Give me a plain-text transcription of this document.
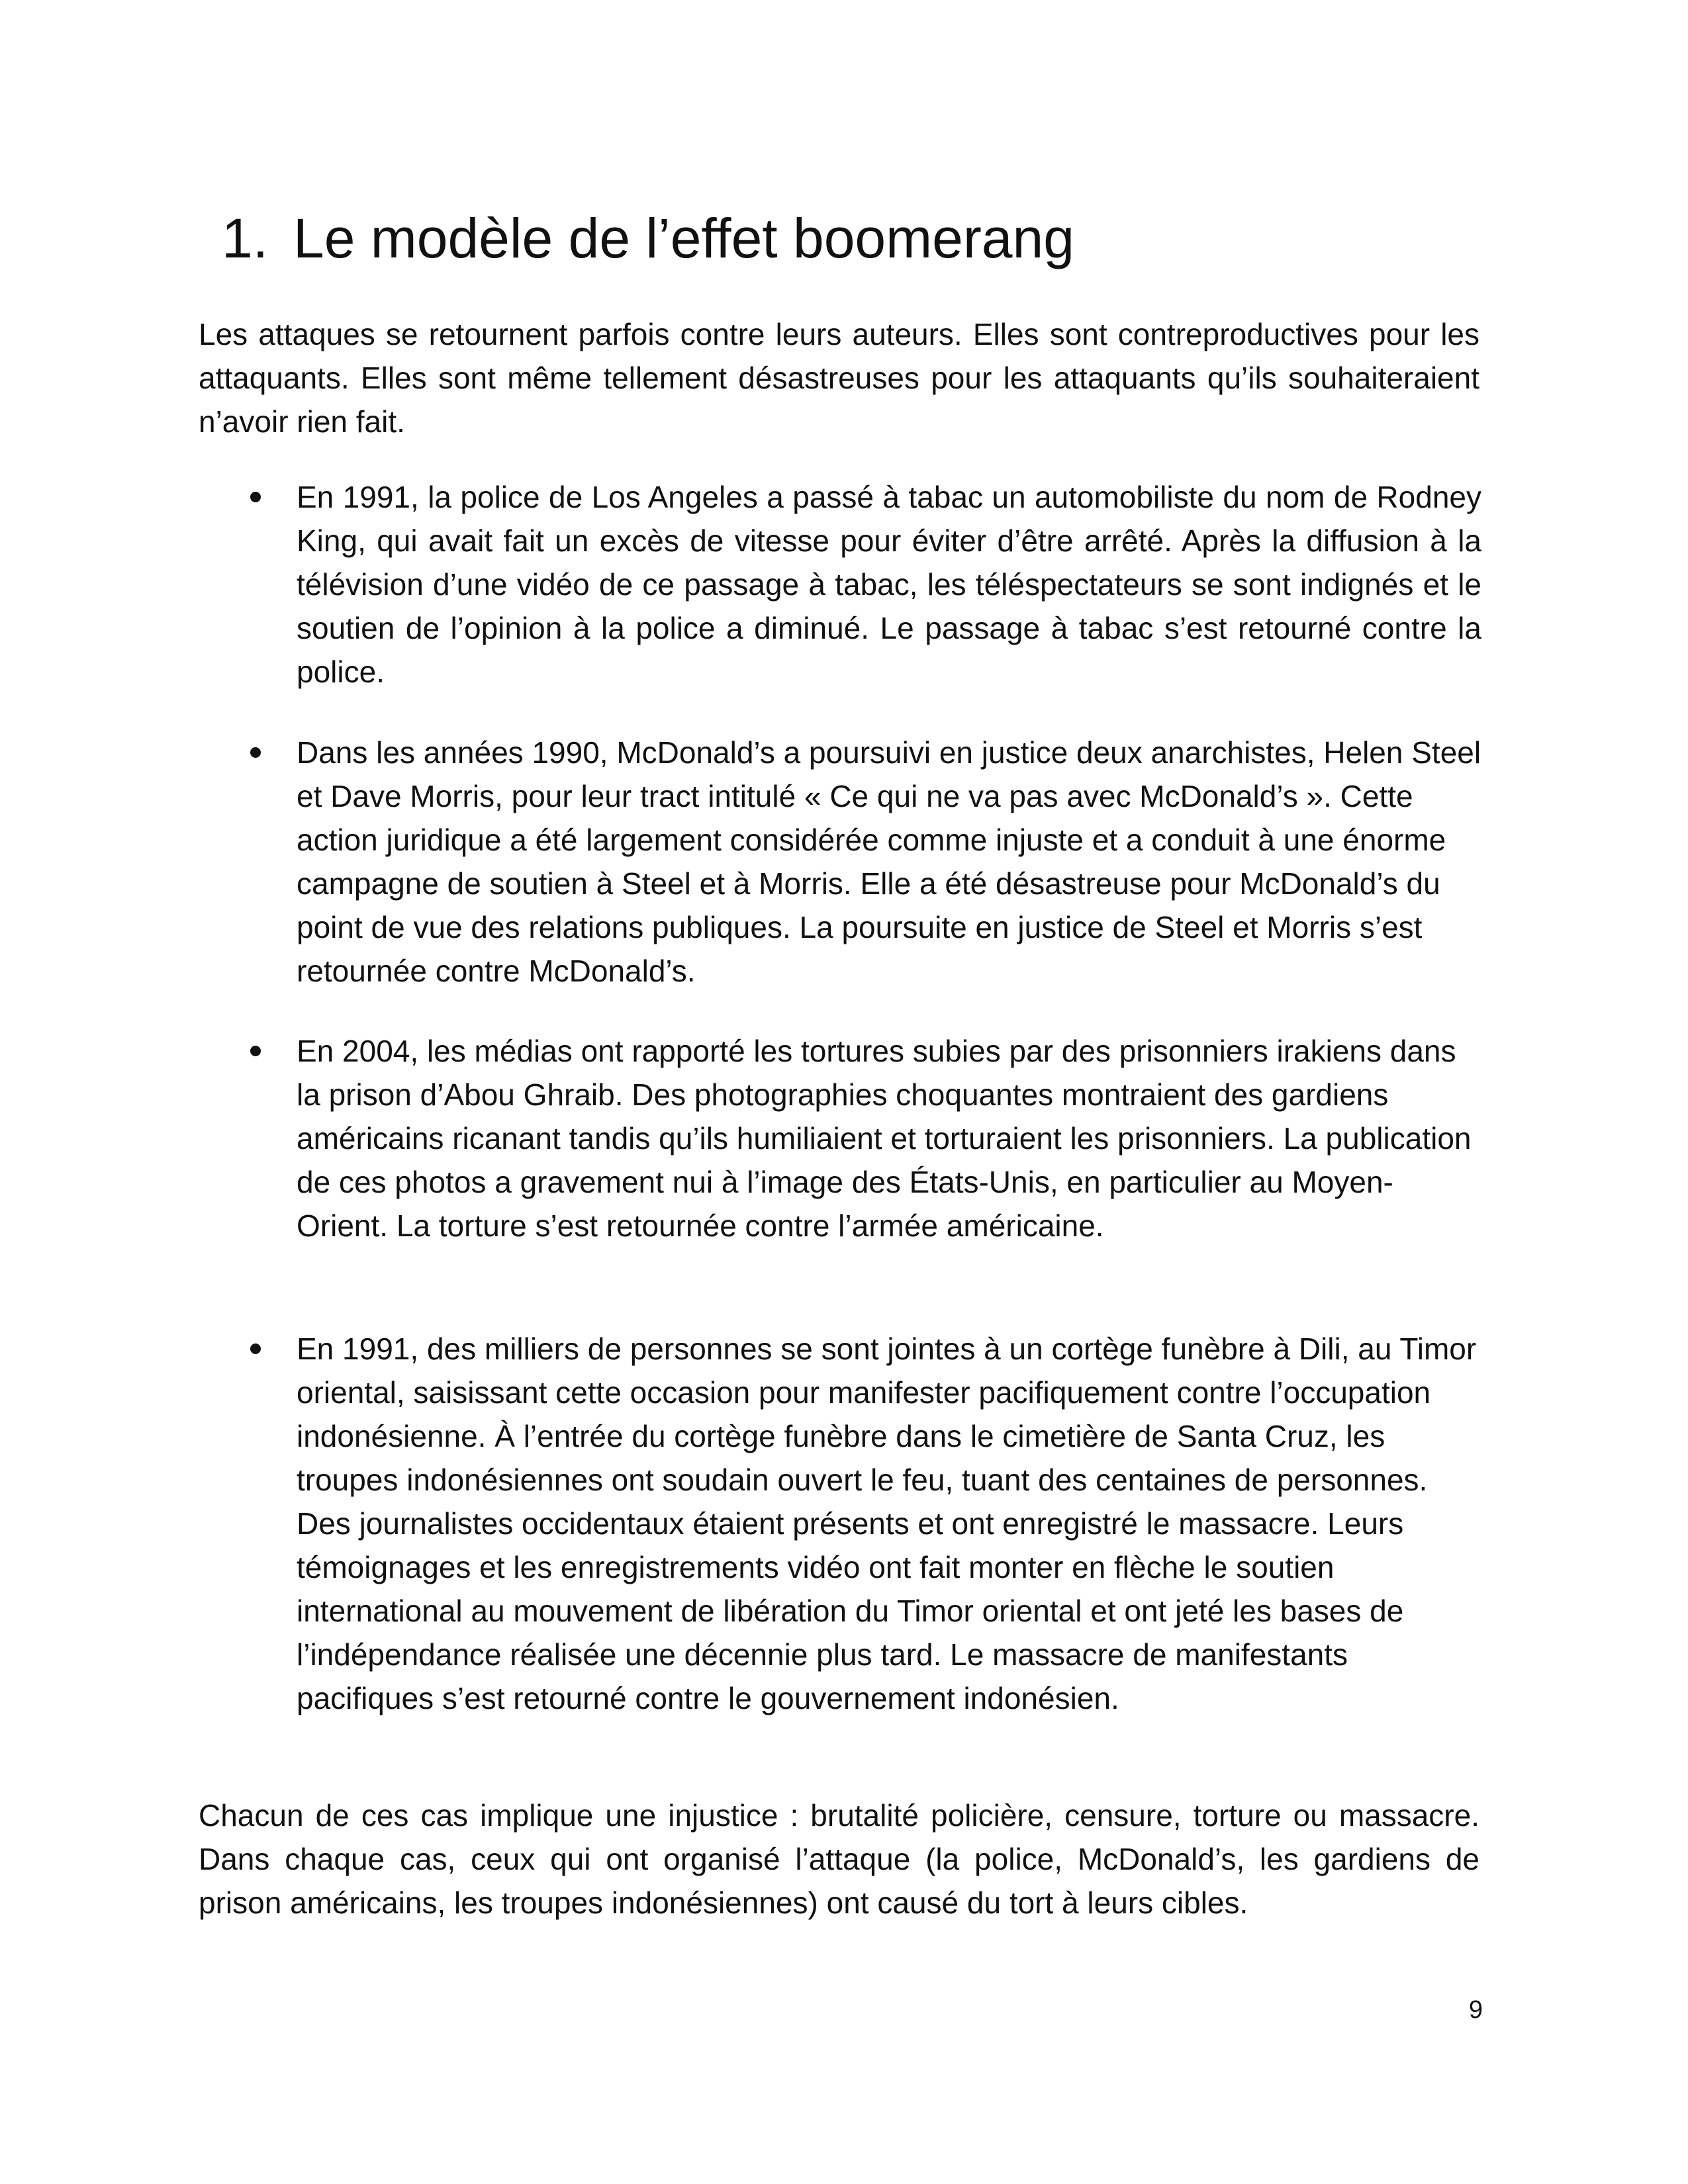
1. Le modèle de l’effet boomerang

Les attaques se retournent parfois contre leurs auteurs. Elles sont contreproductives pour les attaquants. Elles sont même tellement désastreuses pour les attaquants qu’ils souhaiteraient n’avoir rien fait.

En 1991, la police de Los Angeles a passé à tabac un automobiliste du nom de Rodney King, qui avait fait un excès de vitesse pour éviter d’être arrêté. Après la diffusion à la télévision d’une vidéo de ce passage à tabac, les téléspectateurs se sont indignés et le soutien de l’opinion à la police a diminué. Le passage à tabac s’est retourné contre la police.
Dans les années 1990, McDonald’s a poursuivi en justice deux anarchistes, Helen Steel et Dave Morris, pour leur tract intitulé « Ce qui ne va pas avec McDonald’s ». Cette action juridique a été largement considérée comme injuste et a conduit à une énorme campagne de soutien à Steel et à Morris. Elle a été désastreuse pour McDonald’s du point de vue des relations publiques. La poursuite en justice de Steel et Morris s’est retournée contre McDonald’s.
En 2004, les médias ont rapporté les tortures subies par des prisonniers irakiens dans la prison d’Abou Ghraib. Des photographies choquantes montraient des gardiens américains ricanant tandis qu’ils humiliaient et torturaient les prisonniers. La publication de ces photos a gravement nui à l’image des États-Unis, en particulier au Moyen-Orient. La torture s’est retournée contre l’armée américaine.
En 1991, des milliers de personnes se sont jointes à un cortège funèbre à Dili, au Timor oriental, saisissant cette occasion pour manifester pacifiquement contre l’occupation indonésienne. À l’entrée du cortège funèbre dans le cimetière de Santa Cruz, les troupes indonésiennes ont soudain ouvert le feu, tuant des centaines de personnes. Des journalistes occidentaux étaient présents et ont enregistré le massacre. Leurs témoignages et les enregistrements vidéo ont fait monter en flèche le soutien international au mouvement de libération du Timor oriental et ont jeté les bases de l’indépendance réalisée une décennie plus tard. Le massacre de manifestants pacifiques s’est retourné contre le gouvernement indonésien.

Chacun de ces cas implique une injustice : brutalité policière, censure, torture ou massacre. Dans chaque cas, ceux qui ont organisé l’attaque (la police, McDonald’s, les gardiens de prison américains, les troupes indonésiennes) ont causé du tort à leurs cibles.

9
